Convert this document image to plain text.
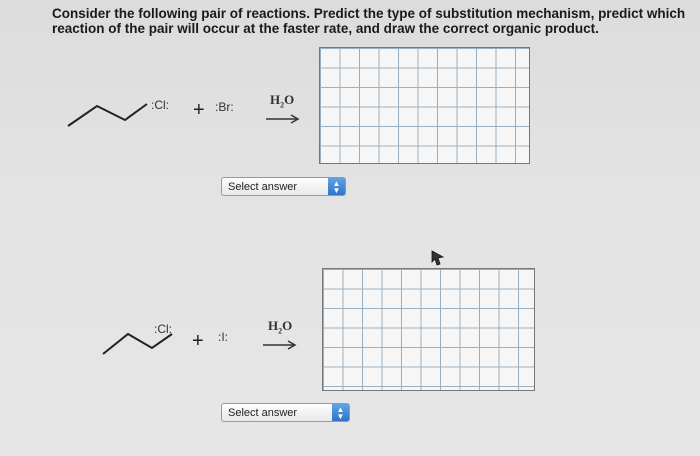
Consider the following pair of reactions. Predict the type of substitution mechanism, predict which reaction of the pair will occur at the faster rate, and draw the correct organic product.
:Cl: + :Br:	$H_2O$
Select answer	▲
▼
:Cl:
+ :I:
$H_2O$
Select answer	▲
▼
